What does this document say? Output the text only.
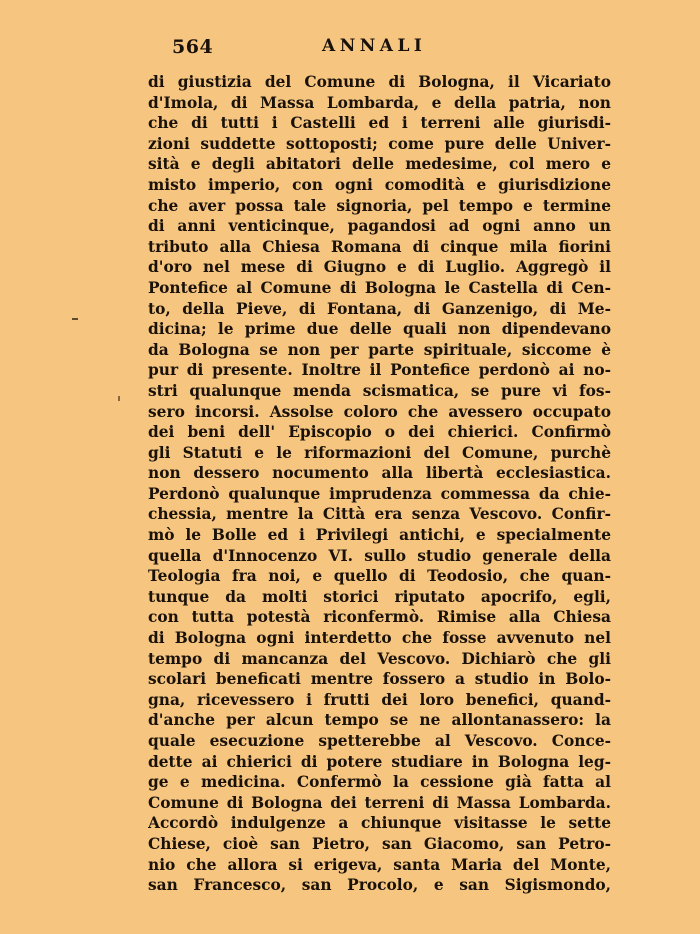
564	ANNALI
di giustizia del Comune di Bologna, il Vicariato
d'Imola, di Massa Lombarda, e della patria, non
che di tutti i Castelli ed i terreni alle giurisdi-
zioni suddette sottoposti; come pure delle Univer-
sità e degli abitatori delle medesime, col mero e
misto imperio, con ogni comodità e giurisdizione
che aver possa tale signoria, pel tempo e termine
di anni venticinque, pagandosi ad ogni anno un
tributo alla Chiesa Romana di cinque mila fiorini
d'oro nel mese di Giugno e di Luglio. Aggregò il
Pontefice al Comune di Bologna le Castella di Cen-
to, della Pieve, di Fontana, di Ganzenigo, di Me-
dicina; le prime due delle quali non dipendevano
da Bologna se non per parte spirituale, siccome è
pur di presente. Inoltre il Pontefice perdonò ai no-
stri qualunque menda scismatica, se pure vi fos-
sero incorsi. Assolse coloro che avessero occupato
dei beni dell' Episcopio o dei chierici. Confirmò
gli Statuti e le riformazioni del Comune, purchè
non dessero nocumento alla libertà ecclesiastica.
Perdonò qualunque imprudenza commessa da chie-
chessia, mentre la Città era senza Vescovo. Confir-
mò le Bolle ed i Privilegi antichi, e specialmente
quella d'Innocenzo VI. sullo studio generale della
Teologia fra noi, e quello di Teodosio, che quan-
tunque da molti storici riputato apocrifo, egli,
con tutta potestà riconfermò. Rimise alla Chiesa
di Bologna ogni interdetto che fosse avvenuto nel
tempo di mancanza del Vescovo. Dichiarò che gli
scolari beneficati mentre fossero a studio in Bolo-
gna, ricevessero i frutti dei loro benefici, quand-
d'anche per alcun tempo se ne allontanassero: la
quale esecuzione spetterebbe al Vescovo. Conce-
dette ai chierici di potere studiare in Bologna leg-
ge e medicina. Confermò la cessione già fatta al
Comune di Bologna dei terreni di Massa Lombarda.
Accordò indulgenze a chiunque visitasse le sette
Chiese, cioè san Pietro, san Giacomo, san Petro-
nio che allora si erigeva, santa Maria del Monte,
san Francesco, san Procolo, e san Sigismondo,
